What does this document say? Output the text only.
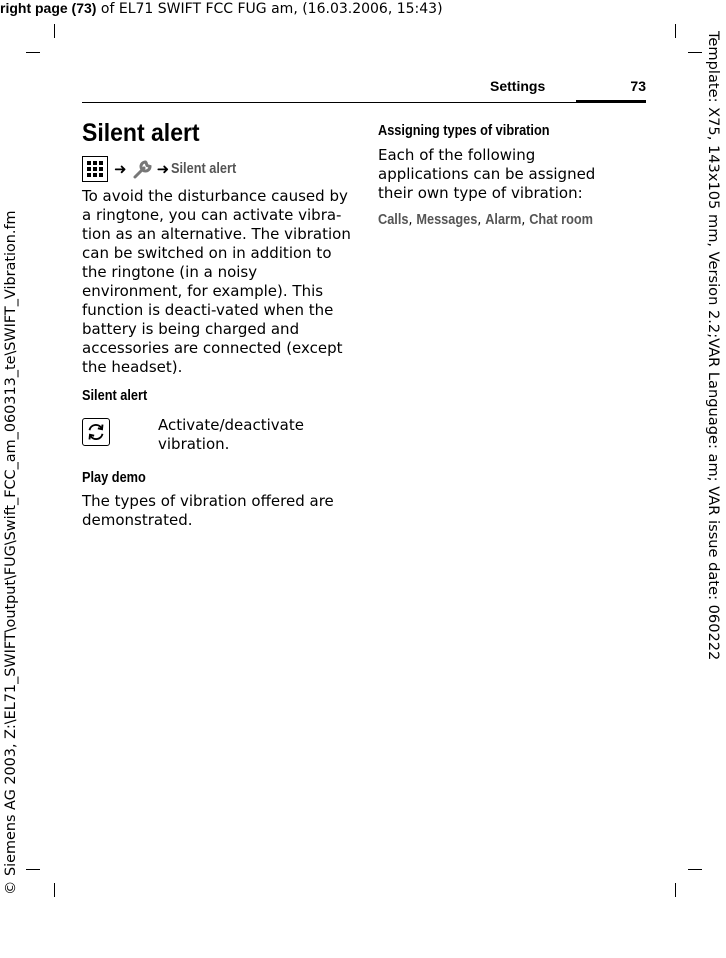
right page (73) of EL71 SWIFT FCC FUG am, (16.03.2006, 15:43)
© Siemens AG 2003, Z:\EL71_SWIFT\output\FUG\Swift_FCC_am_060313_te\SWIFT_Vibration.fm	Template: X75, 143x105 mm, Version 2.2;VAR Language: am; VAR issue date: 060222
Settings	73
Silent alert
➜ ➜ Silent alert

To avoid the disturbance caused by a ringtone, you can activate vibra-tion as an alternative. The vibration can be switched on in addition to the ringtone (in a noisy environment, for example). This function is deacti-vated when the battery is being charged and accessories are connected (except the headset).

Silent alert

Activate/deactivate vibration.

Play demo

The types of vibration offered are demonstrated.

Assigning types of vibration

Each of the following applications can be assigned their own type of vibration:

Calls, Messages, Alarm, Chat room
